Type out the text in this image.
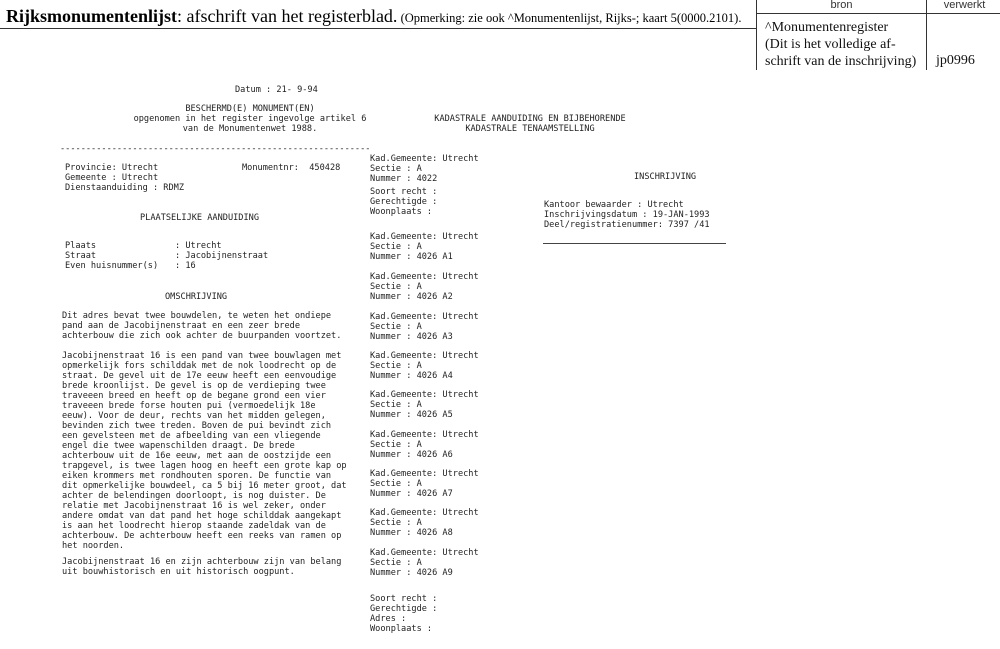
Rijksmonumentenlijst: afschrift van het registerblad. (Opmerking: zie ook ^Monumentenlijst, Rijks-; kaart 5(0000.2101).
bron	verwerkt
^Monumentenregister
(Dit is het volledige af-
schrift van de inschrijving) jp0996
Datum : 21- 9-94
BESCHERMD(E) MONUMENT(EN)
opgenomen in het register ingevolge artikel 6
van de Monumentenwet 1988.
------------------------------------------------------------
Provincie: Utrecht
Gemeente : Utrecht
Dienstaanduiding : RDMZ
Monumentnr:  450428
PLAATSELIJKE AANDUIDING
Plaats
Straat
Even huisnummer(s)
: Utrecht
: Jacobijnenstraat
: 16
OMSCHRIJVING
Dit adres bevat twee bouwdelen, te weten het ondiepe
pand aan de Jacobijnenstraat en een zeer brede
achterbouw die zich ook achter de buurpanden voortzet.
Jacobijnenstraat 16 is een pand van twee bouwlagen met
opmerkelijk fors schilddak met de nok loodrecht op de
straat. De gevel uit de 17e eeuw heeft een eenvoudige
brede kroonlijst. De gevel is op de verdieping twee
traveeen breed en heeft op de begane grond een vier
traveeen brede forse houten pui (vermoedelijk 18e
eeuw). Voor de deur, rechts van het midden gelegen,
bevinden zich twee treden. Boven de pui bevindt zich
een gevelsteen met de afbeelding van een vliegende
engel die twee wapenschilden draagt. De brede
achterbouw uit de 16e eeuw, met aan de oostzijde een
trapgevel, is twee lagen hoog en heeft een grote kap op
eiken krommers met rondhouten sporen. De functie van
dit opmerkelijke bouwdeel, ca 5 bij 16 meter groot, dat
achter de belendingen doorloopt, is nog duister. De
relatie met Jacobijnenstraat 16 is wel zeker, onder
andere omdat van dat pand het hoge schilddak aangekapt
is aan het loodrecht hierop staande zadeldak van de
achterbouw. De achterbouw heeft een reeks van ramen op
het noorden.
Jacobijnenstraat 16 en zijn achterbouw zijn van belang
uit bouwhistorisch en uit historisch oogpunt.
KADASTRALE AANDUIDING EN BIJBEHORENDE
KADASTRALE TENAAMSTELLING
Kad.Gemeente: Utrecht
Sectie : A
Nummer : 4022
Soort recht :
Gerechtigde :
Woonplaats :
Kad.Gemeente: Utrecht
Sectie : A
Nummer : 4026 A1
Kad.Gemeente: Utrecht
Sectie : A
Nummer : 4026 A2
Kad.Gemeente: Utrecht
Sectie : A
Nummer : 4026 A3
Kad.Gemeente: Utrecht
Sectie : A
Nummer : 4026 A4
Kad.Gemeente: Utrecht
Sectie : A
Nummer : 4026 A5
Kad.Gemeente: Utrecht
Sectie : A
Nummer : 4026 A6
Kad.Gemeente: Utrecht
Sectie : A
Nummer : 4026 A7
Kad.Gemeente: Utrecht
Sectie : A
Nummer : 4026 A8
Kad.Gemeente: Utrecht
Sectie : A
Nummer : 4026 A9
Soort recht :
Gerechtigde :
Adres :
Woonplaats :
INSCHRIJVING
Kantoor bewaarder : Utrecht
Inschrijvingsdatum : 19-JAN-1993
Deel/registratienummer: 7397 /41
